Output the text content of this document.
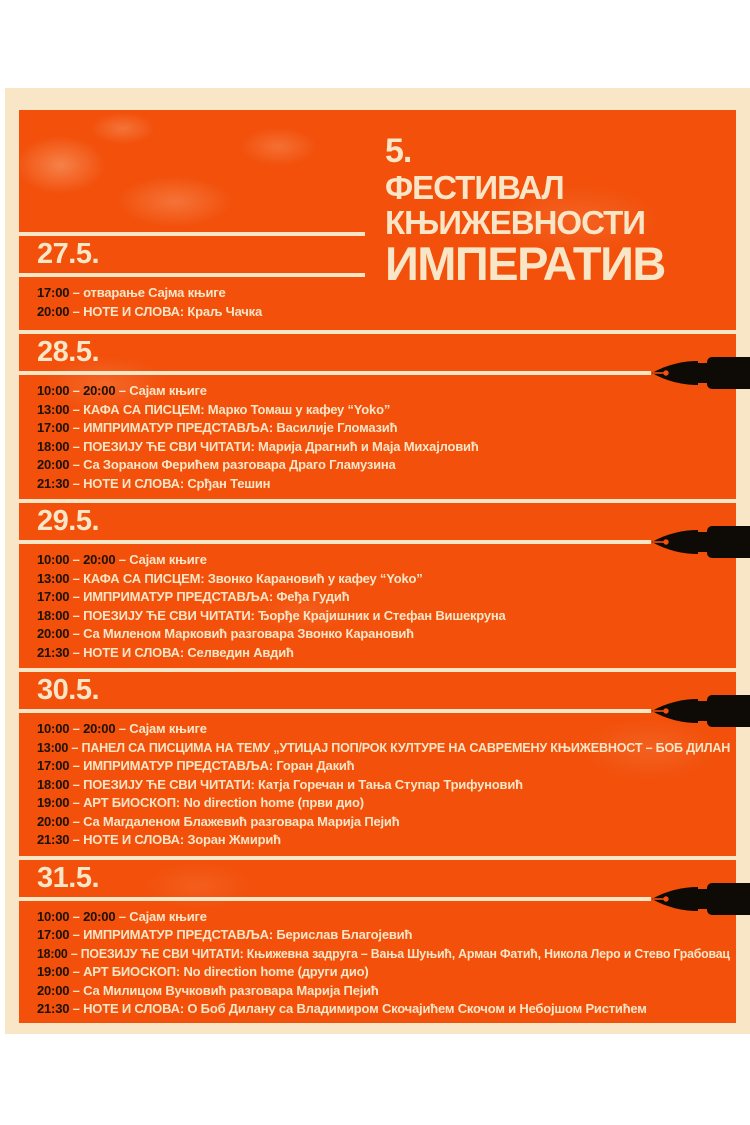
27.5.
17:00 – отварање Сајма књиге
20:00 – НОТЕ И СЛОВА: Краљ Чачка
5.
ФЕСТИВАЛ
КЊИЖЕВНОСТИ
ИМПЕРАТИВ
28.5.
10:00 – 20:00 – Сајам књиге
13:00 – КАФА СА ПИСЦЕМ: Марко Томаш у кафеу “Yoko”
17:00 – ИМПРИМАТУР ПРЕДСТАВЉА: Василије Гломазић
18:00 – ПОЕЗИЈУ ЋЕ СВИ ЧИТАТИ: Марија Драгнић и Маја Михајловић
20:00 – Са Зораном Ферићем разговара Драго Гламузина
21:30 – НОТЕ И СЛОВА: Срђан Тешин
29.5.
10:00 – 20:00 – Сајам књиге
13:00 – КАФА СА ПИСЦЕМ: Звонко Карановић у кафеу “Yoko”
17:00 – ИМПРИМАТУР ПРЕДСТАВЉА: Феђа Гудић
18:00 – ПОЕЗИЈУ ЋЕ СВИ ЧИТАТИ: Ђорђе Крајишник и Стефан Вишекруна
20:00 – Са Миленом Марковић разговара Звонко Карановић
21:30 – НОТЕ И СЛОВА: Селведин Авдић
30.5.
10:00 – 20:00 – Сајам књиге
13:00 – ПАНЕЛ СА ПИСЦИМА НА ТЕМУ „УТИЦАЈ ПОП/РОК КУЛТУРЕ НА САВРЕМЕНУ КЊИЖЕВНОСТ – БОБ ДИЛАН
17:00 – ИМПРИМАТУР ПРЕДСТАВЉА: Горан Дакић
18:00 – ПОЕЗИЈУ ЋЕ СВИ ЧИТАТИ: Катја Горечан и Тања Ступар Трифуновић
19:00 – АРТ БИОСКОП: No direction home (први дио)
20:00 – Са Магдаленом Блажевић разговара Марија Пејић
21:30 – НОТЕ И СЛОВА: Зоран Жмирић
31.5.
10:00 – 20:00 – Сајам књиге
17:00 – ИМПРИМАТУР ПРЕДСТАВЉА: Берислав Благојевић
18:00 – ПОЕЗИЈУ ЋЕ СВИ ЧИТАТИ: Књижевна задруга – Вања Шуњић, Арман Фатић, Никола Леро и Стево Грабовац
19:00 – АРТ БИОСКОП: No direction home (други дио)
20:00 – Са Милицом Вучковић разговара Марија Пејић
21:30 – НОТЕ И СЛОВА: О Боб Дилану са Владимиром Скочајићем Скочом и Небојшом Ристићем
